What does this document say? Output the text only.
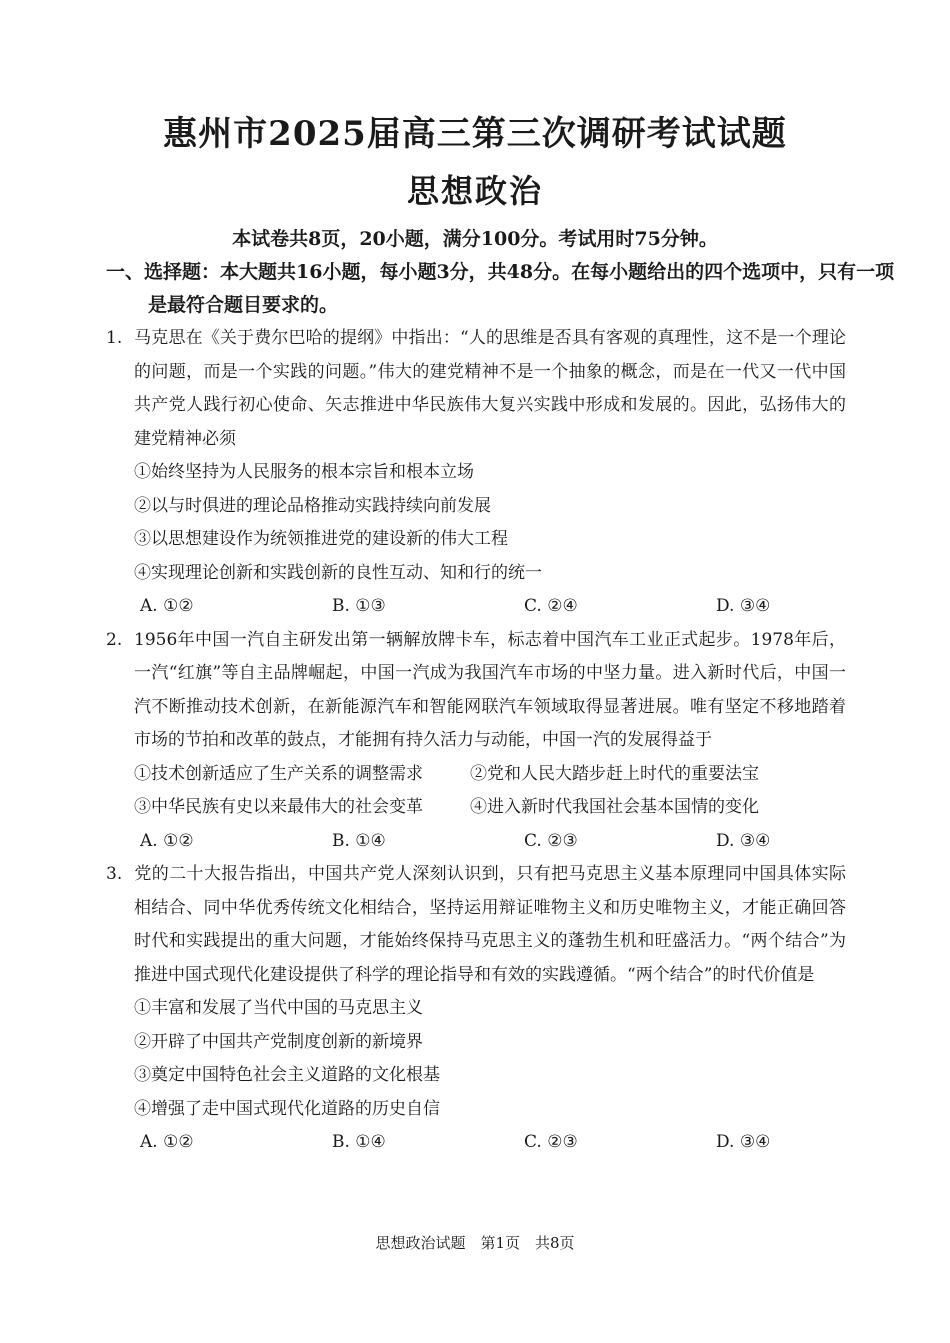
惠州市2025届高三第三次调研考试试题
思想政治
本试卷共8页，20小题，满分100分。考试用时75分钟。

一、选择题：本大题共16小题，每小题3分，共48分。在每小题给出的四个选项中，只有一项是最符合题目要求的。

1. 马克思在《关于费尔巴哈的提纲》中指出：“人的思维是否具有客观的真理性，这不是一个理论的问题，而是一个实践的问题。”伟大的建党精神不是一个抽象的概念，而是在一代又一代中国共产党人践行初心使命、矢志推进中华民族伟大复兴实践中形成和发展的。因此，弘扬伟大的建党精神必须
①始终坚持为人民服务的根本宗旨和根本立场
②以与时俱进的理论品格推动实践持续向前发展
③以思想建设作为统领推进党的建设新的伟大工程
④实现理论创新和实践创新的良性互动、知和行的统一
A. ①②	B. ①③	C. ②④	D. ③④
2. 1956年中国一汽自主研发出第一辆解放牌卡车，标志着中国汽车工业正式起步。1978年后，一汽“红旗”等自主品牌崛起，中国一汽成为我国汽车市场的中坚力量。进入新时代后，中国一汽不断推动技术创新，在新能源汽车和智能网联汽车领域取得显著进展。唯有坚定不移地踏着市场的节拍和改革的鼓点，才能拥有持久活力与动能，中国一汽的发展得益于
①技术创新适应了生产关系的调整需求	②党和人民大踏步赶上时代的重要法宝
③中华民族有史以来最伟大的社会变革	④进入新时代我国社会基本国情的变化
A. ①②	B. ①④	C. ②③	D. ③④
3. 党的二十大报告指出，中国共产党人深刻认识到，只有把马克思主义基本原理同中国具体实际相结合、同中华优秀传统文化相结合，坚持运用辩证唯物主义和历史唯物主义，才能正确回答时代和实践提出的重大问题，才能始终保持马克思主义的蓬勃生机和旺盛活力。“两个结合”为推进中国式现代化建设提供了科学的理论指导和有效的实践遵循。“两个结合”的时代价值是
①丰富和发展了当代中国的马克思主义
②开辟了中国共产党制度创新的新境界
③奠定中国特色社会主义道路的文化根基
④增强了走中国式现代化道路的历史自信
A. ①②	B. ①④	C. ②③	D. ③④
思想政治试题　第1页　共8页
